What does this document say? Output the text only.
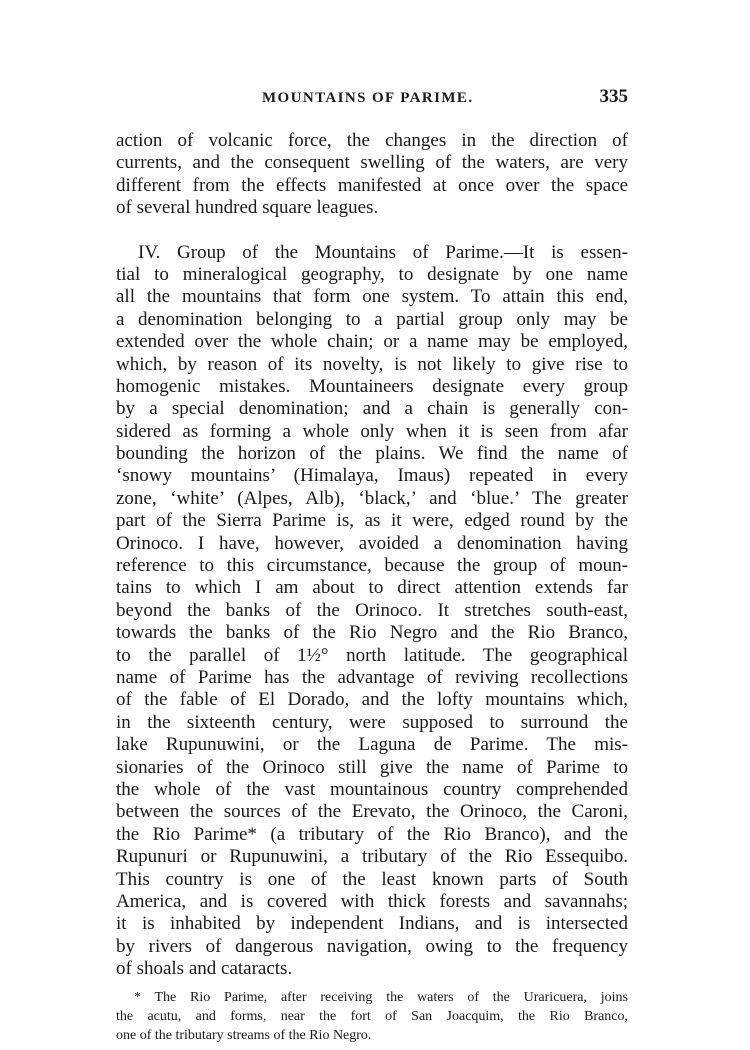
MOUNTAINS OF PARIME.	335
action of volcanic force, the changes in the direction of
currents, and the consequent swelling of the waters, are very
different from the effects manifested at once over the space
of several hundred square leagues.
IV. Group of the Mountains of Parime.—It is essen-
tial to mineralogical geography, to designate by one name
all the mountains that form one system. To attain this end,
a denomination belonging to a partial group only may be
extended over the whole chain; or a name may be employed,
which, by reason of its novelty, is not likely to give rise to
homogenic mistakes. Mountaineers designate every group
by a special denomination; and a chain is generally con-
sidered as forming a whole only when it is seen from afar
bounding the horizon of the plains. We find the name of
‘snowy mountains’ (Himalaya, Imaus) repeated in every
zone, ‘white’ (Alpes, Alb), ‘black,’ and ‘blue.’ The greater
part of the Sierra Parime is, as it were, edged round by the
Orinoco. I have, however, avoided a denomination having
reference to this circumstance, because the group of moun-
tains to which I am about to direct attention extends far
beyond the banks of the Orinoco. It stretches south-east,
towards the banks of the Rio Negro and the Rio Branco,
to the parallel of 1½° north latitude. The geographical
name of Parime has the advantage of reviving recollections
of the fable of El Dorado, and the lofty mountains which,
in the sixteenth century, were supposed to surround the
lake Rupunuwini, or the Laguna de Parime. The mis-
sionaries of the Orinoco still give the name of Parime to
the whole of the vast mountainous country comprehended
between the sources of the Erevato, the Orinoco, the Caroni,
the Rio Parime* (a tributary of the Rio Branco), and the
Rupunuri or Rupunuwini, a tributary of the Rio Essequibo.
This country is one of the least known parts of South
America, and is covered with thick forests and savannahs;
it is inhabited by independent Indians, and is intersected
by rivers of dangerous navigation, owing to the frequency
of shoals and cataracts.
* The Rio Parime, after receiving the waters of the Uraricuera, joins
the acutu, and forms, near the fort of San Joacquim, the Rio Branco,
one of the tributary streams of the Rio Negro.
